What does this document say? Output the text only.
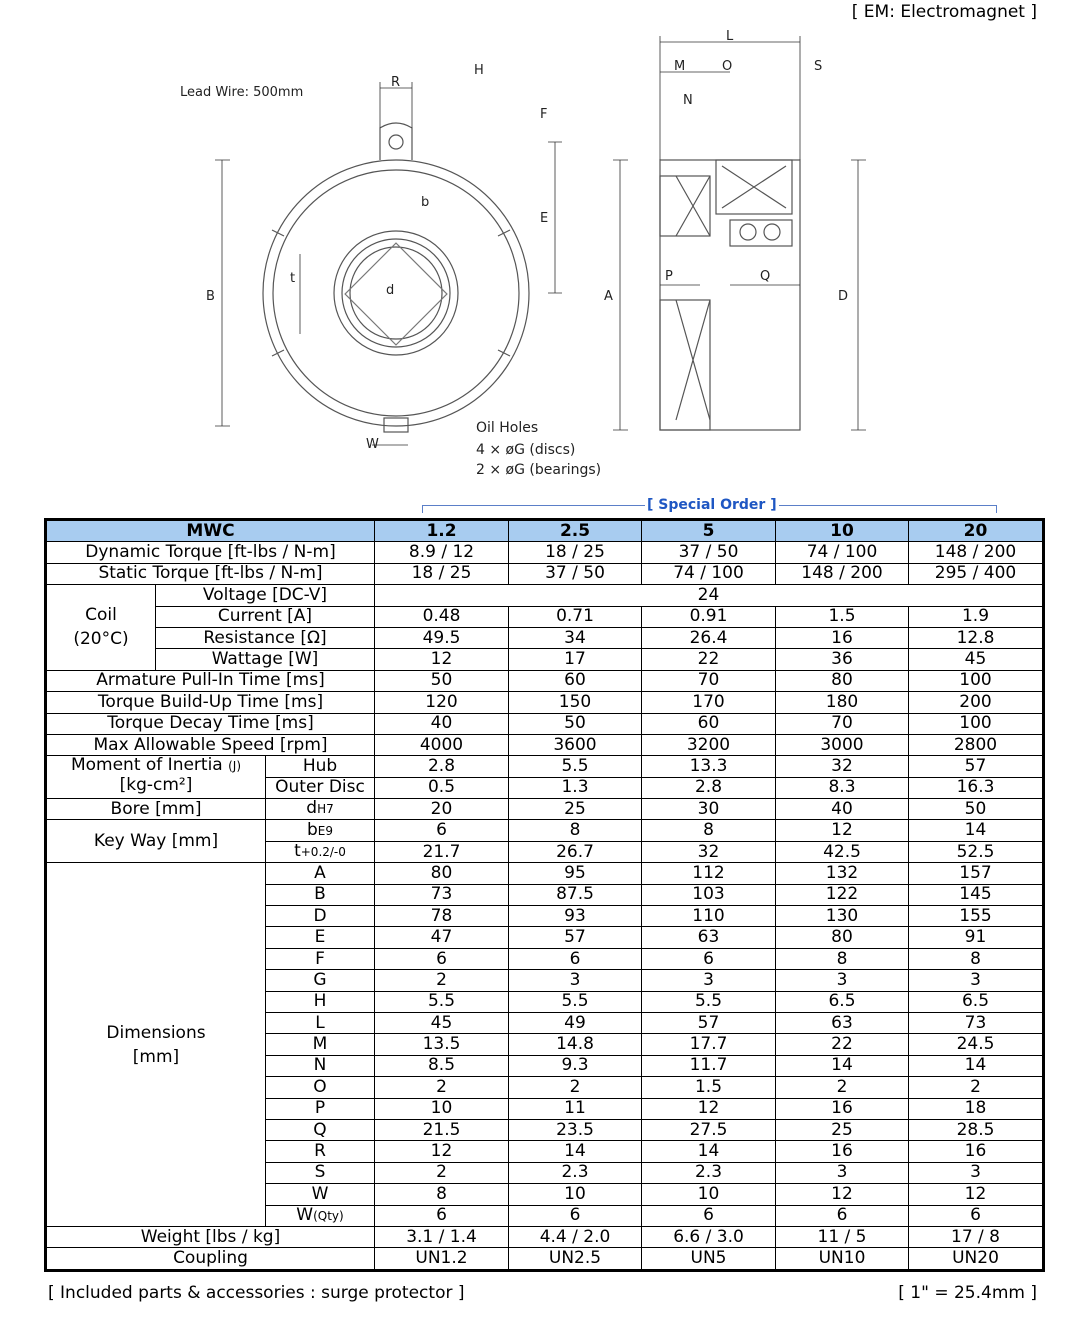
[ EM: Electromagnet ]
Lead Wire: 500mm
R
H
F
E
B
b
t
d
W
L
M	O	S
N
A
P	Q
D
Oil Holes
4 × øG (discs)
2 × øG (bearings)
[ Special Order ]
MWC			1.2	2.5	5	10	20
Dynamic Torque [ft-lbs / N-m]			8.9 / 12	18 / 25	37 / 50	74 / 100	148 / 200
Static Torque [ft-lbs / N-m]			18 / 25	37 / 50	74 / 100	148 / 200	295 / 400

Coil
(20°C)	Voltage [DC-V]		24				
	Current [A]		0.48	0.71	0.91	1.5	1.9
	Resistance [Ω]		49.5	34	26.4	16	12.8
	Wattage [W]		12	17	22	36	45
Armature Pull-In Time [ms]			50	60	70	80	100
Torque Build-Up Time [ms]			120	150	170	180	200
Torque Decay Time [ms]			40	50	60	70	100
Max Allowable Speed [rpm]			4000	3600	3200	3000	2800
Moment of Inertia (J)
[kg-cm²]		Hub	2.8	5.5	13.3	32	57
		Outer Disc	0.5	1.3	2.8	8.3	16.3
Bore [mm]		dH7	20	25	30	40	50
Key Way [mm]		bE9	6	8	8	12	14
		t+0.2/-0	21.7	26.7	32	42.5	52.5

Dimensions
[mm]		A	80	95	112	132	157
		B	73	87.5	103	122	145
		D	78	93	110	130	155
		E	47	57	63	80	91
		F	6	6	6	8	8
		G	2	3	3	3	3
		H	5.5	5.5	5.5	6.5	6.5
		L	45	49	57	63	73
		M	13.5	14.8	17.7	22	24.5
		N	8.5	9.3	11.7	14	14
		O	2	2	1.5	2	2
		P	10	11	12	16	18
		Q	21.5	23.5	27.5	25	28.5
		R	12	14	14	16	16
		S	2	2.3	2.3	3	3
		W	8	10	10	12	12
		W(Qty)	6	6	6	6	6
Weight [lbs / kg]			3.1 / 1.4	4.4 / 2.0	6.6 / 3.0	11 / 5	17 / 8
Coupling			UN1.2	UN2.5	UN5	UN10	UN20
[ Included parts & accessories : surge protector ]	[ 1" = 25.4mm ]
